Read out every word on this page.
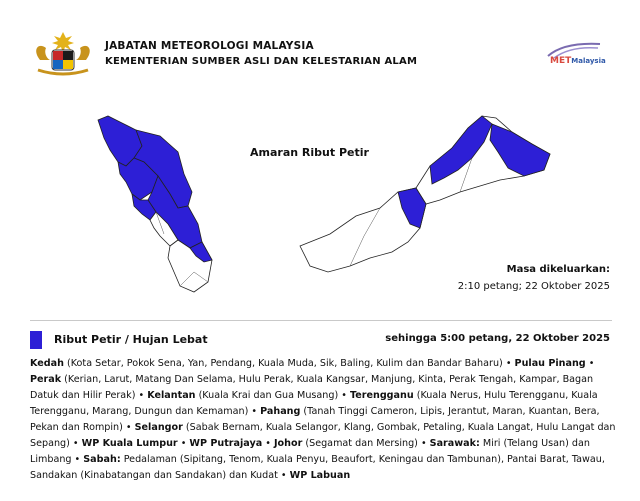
JABATAN METEOROLOGI MALAYSIA
KEMENTERIAN SUMBER ASLI DAN KELESTARIAN ALAM	METMalaysia
Amaran Ribut Petir
Masa dikeluarkan:
2:10 petang; 22 Oktober 2025
Ribut Petir / Hujan Lebat	sehingga 5:00 petang, 22 Oktober 2025
Kedah (Kota Setar, Pokok Sena, Yan, Pendang, Kuala Muda, Sik, Baling, Kulim dan Bandar Baharu) • Pulau Pinang • Perak (Kerian, Larut, Matang Dan Selama, Hulu Perak, Kuala Kangsar, Manjung, Kinta, Perak Tengah, Kampar, Bagan Datuk dan Hilir Perak) • Kelantan (Kuala Krai dan Gua Musang) • Terengganu (Kuala Nerus, Hulu Terengganu, Kuala Terengganu, Marang, Dungun dan Kemaman) • Pahang (Tanah Tinggi Cameron, Lipis, Jerantut, Maran, Kuantan, Bera, Pekan dan Rompin) • Selangor (Sabak Bernam, Kuala Selangor, Klang, Gombak, Petaling, Kuala Langat, Hulu Langat dan Sepang) • WP Kuala Lumpur • WP Putrajaya • Johor (Segamat dan Mersing) • Sarawak: Miri (Telang Usan) dan Limbang • Sabah: Pedalaman (Sipitang, Tenom, Kuala Penyu, Beaufort, Keningau dan Tambunan), Pantai Barat, Tawau, Sandakan (Kinabatangan dan Sandakan) dan Kudat • WP Labuan
